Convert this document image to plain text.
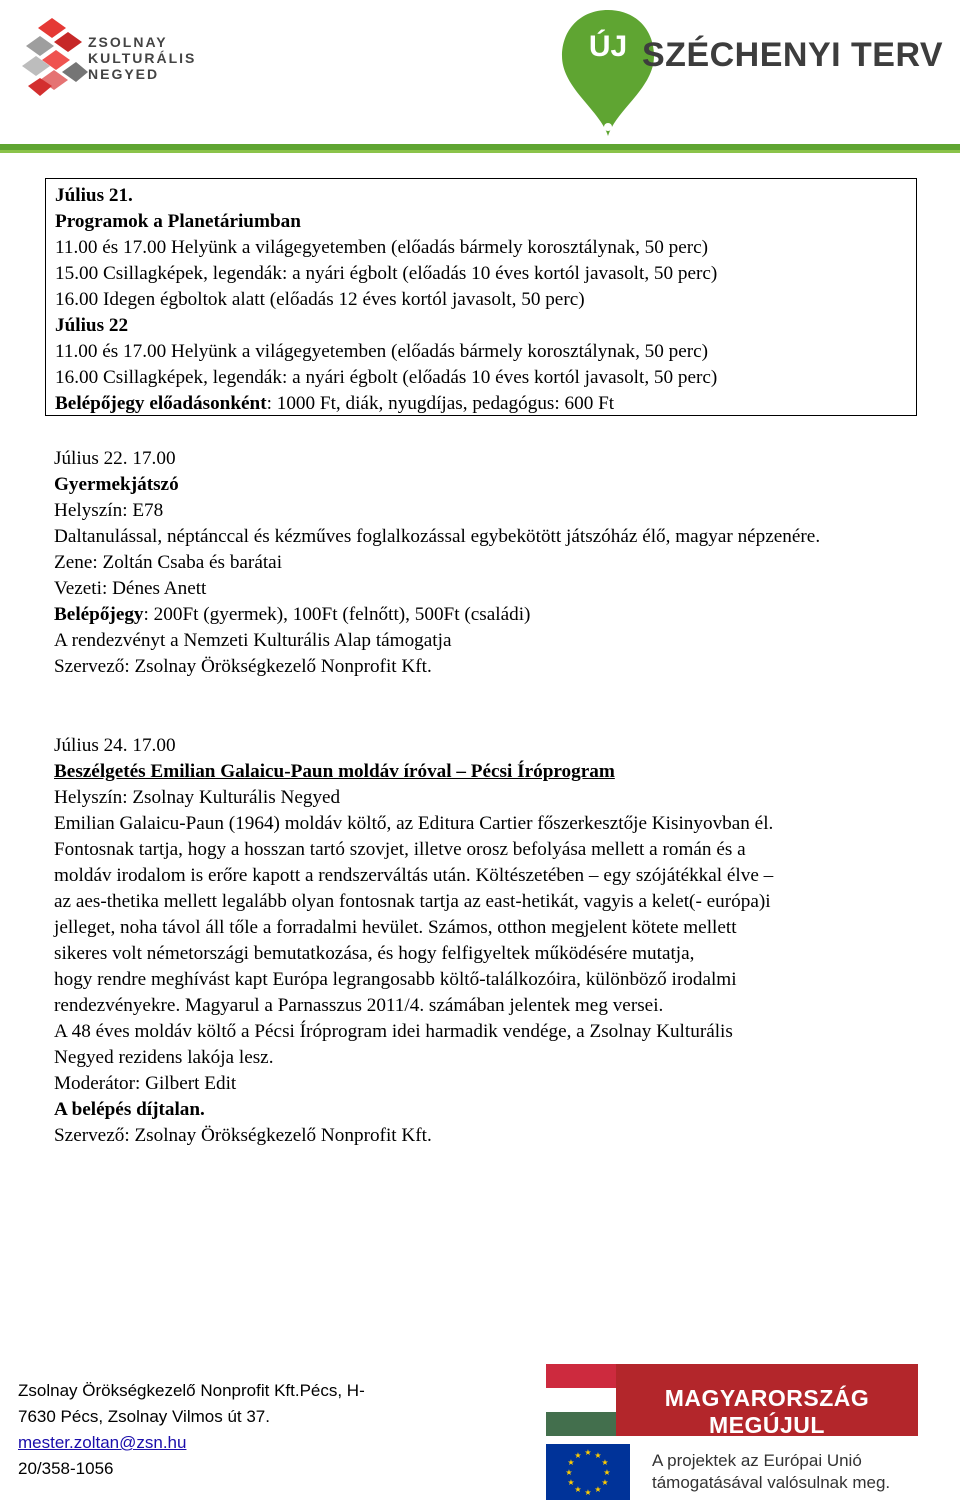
ZSOLNAY
KULTURÁLIS
NEGYED
ÚJ SZÉCHENYI TERV
Július 21.
Programok a Planetáriumban
11.00 és 17.00 Helyünk a világegyetemben (előadás bármely korosztálynak, 50 perc)
15.00 Csillagképek, legendák: a nyári égbolt (előadás 10 éves kortól javasolt, 50 perc)
16.00 Idegen égboltok alatt (előadás 12 éves kortól javasolt, 50 perc)
Július 22
11.00 és 17.00 Helyünk a világegyetemben (előadás bármely korosztálynak, 50 perc)
16.00 Csillagképek, legendák: a nyári égbolt (előadás 10 éves kortól javasolt, 50 perc)
Belépőjegy előadásonként: 1000 Ft, diák, nyugdíjas, pedagógus: 600 Ft
Július 22. 17.00
Gyermekjátszó
Helyszín: E78
Daltanulással, néptánccal és kézműves foglalkozással egybekötött játszóház élő, magyar népzenére.
Zene: Zoltán Csaba és barátai
Vezeti: Dénes Anett
Belépőjegy: 200Ft (gyermek), 100Ft (felnőtt), 500Ft (családi)
A rendezvényt a Nemzeti Kulturális Alap támogatja
Szervező: Zsolnay Örökségkezelő Nonprofit Kft.
Július 24. 17.00
Beszélgetés Emilian Galaicu-Paun moldáv íróval – Pécsi Íróprogram
Helyszín: Zsolnay Kulturális Negyed
Emilian Galaicu-Paun (1964) moldáv költő, az Editura Cartier főszerkesztője Kisinyovban él.
Fontosnak tartja, hogy a hosszan tartó szovjet, illetve orosz befolyása mellett a román és a
moldáv irodalom is erőre kapott a rendszerváltás után. Költészetében – egy szójátékkal élve –
az aes-thetika mellett legalább olyan fontosnak tartja az east-hetikát, vagyis a kelet(- európa)i
jelleget, noha távol áll tőle a forradalmi hevület. Számos, otthon megjelent kötete mellett
sikeres volt németországi bemutatkozása, és hogy felfigyeltek működésére mutatja,
hogy rendre meghívást kapt Európa legrangosabb költő-találkozóira, különböző irodalmi
rendezvényekre. Magyarul a Parnasszus 2011/4. számában jelentek meg versei.
A 48 éves moldáv költő a Pécsi Íróprogram idei harmadik vendége, a Zsolnay Kulturális
Negyed rezidens lakója lesz.
Moderátor: Gilbert Edit
A belépés díjtalan.
Szervező: Zsolnay Örökségkezelő Nonprofit Kft.
Zsolnay Örökségkezelő Nonprofit Kft.Pécs, H-
7630 Pécs, Zsolnay Vilmos út 37.
mester.zoltan@zsn.hu
20/358-1056
MAGYARORSZÁG MEGÚJUL
★ ★
★
★
★
★
★
★
★
★
★
★	A projektek az Európai Unió
támogatásával valósulnak meg.
